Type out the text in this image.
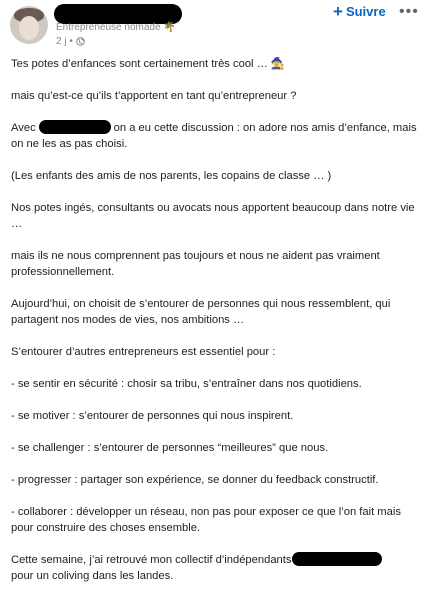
Entrepreneuse nomade 🌴
2 j •
+ Suivre •••

Tes potes d’enfances sont certainement très cool … 🧙‍♀️

mais qu’est-ce qu’ils t’apportent en tant qu’entrepreneur ?

Avec	on a eu cette discussion : on adore nos amis d’enfance, mais on ne les as pas choisi.

(Les enfants des amis de nos parents, les copains de classe … )

Nos potes ingés, consultants ou avocats nous apportent beaucoup dans notre vie …

mais ils ne nous comprennent pas toujours et nous ne aident pas vraiment professionnellement.

Aujourd’hui, on choisit de s’entourer de personnes qui nous ressemblent, qui partagent nos modes de vies, nos ambitions …

S’entourer d’autres entrepreneurs est essentiel pour :

- se sentir en sécurité : chosir sa tribu, s’entraîner dans nos quotidiens.

- se motiver : s’entourer de personnes qui nous inspirent.

- se challenger : s’entourer de personnes “meilleures” que nous.

- progresser : partager son expérience, se donner du feedback constructif.

- collaborer : développer un réseau, non pas pour exposer ce que l’on fait mais pour construire des choses ensemble.

Cette semaine, j’ai retrouvé mon collectif d’indépendants
pour un coliving dans les landes.
